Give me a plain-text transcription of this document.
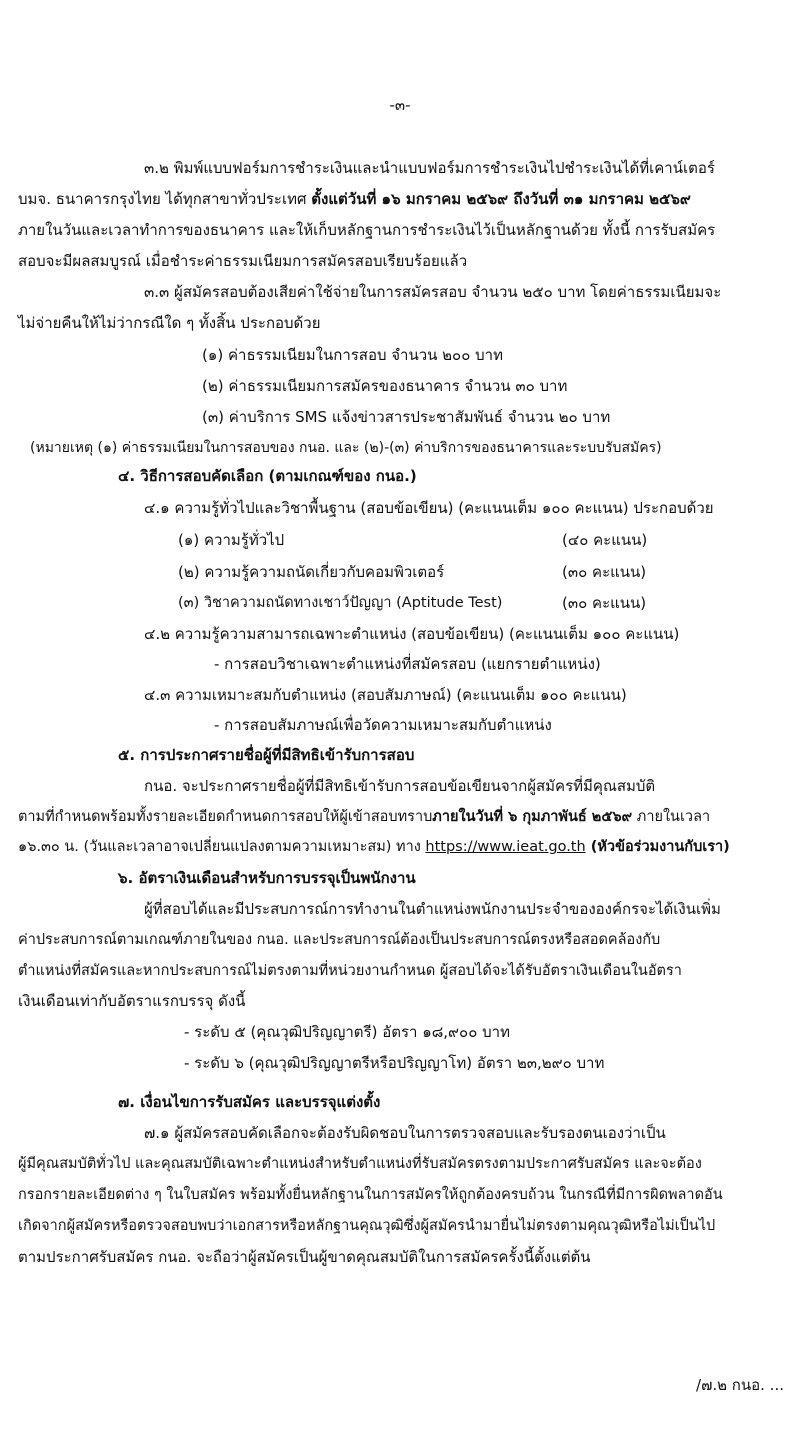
-๓-
๓.๒ พิมพ์แบบฟอร์มการชำระเงินและนำแบบฟอร์มการชำระเงินไปชำระเงินได้ที่เคาน์เตอร์
บมจ. ธนาคารกรุงไทย ได้ทุกสาขาทั่วประเทศ ตั้งแต่วันที่ ๑๖ มกราคม ๒๕๖๙ ถึงวันที่ ๓๑ มกราคม ๒๕๖๙
ภายในวันและเวลาทำการของธนาคาร และให้เก็บหลักฐานการชำระเงินไว้เป็นหลักฐานด้วย ทั้งนี้ การรับสมัคร
สอบจะมีผลสมบูรณ์ เมื่อชำระค่าธรรมเนียมการสมัครสอบเรียบร้อยแล้ว
๓.๓ ผู้สมัครสอบต้องเสียค่าใช้จ่ายในการสมัครสอบ จำนวน ๒๕๐ บาท โดยค่าธรรมเนียมจะ
ไม่จ่ายคืนให้ไม่ว่ากรณีใด ๆ ทั้งสิ้น ประกอบด้วย
(๑) ค่าธรรมเนียมในการสอบ จำนวน ๒๐๐ บาท
(๒) ค่าธรรมเนียมการสมัครของธนาคาร จำนวน ๓๐ บาท
(๓) ค่าบริการ SMS แจ้งข่าวสารประชาสัมพันธ์ จำนวน ๒๐ บาท
(หมายเหตุ (๑) ค่าธรรมเนียมในการสอบของ กนอ. และ (๒)-(๓) ค่าบริการของธนาคารและระบบรับสมัคร)
๔. วิธีการสอบคัดเลือก (ตามเกณฑ์ของ กนอ.)
๔.๑ ความรู้ทั่วไปและวิชาพื้นฐาน (สอบข้อเขียน) (คะแนนเต็ม ๑๐๐ คะแนน) ประกอบด้วย
(๑) ความรู้ทั่วไป	(๔๐ คะแนน)
(๒) ความรู้ความถนัดเกี่ยวกับคอมพิวเตอร์	(๓๐ คะแนน)
(๓) วิชาความถนัดทางเชาว์ปัญญา (Aptitude Test)	(๓๐ คะแนน)
๔.๒ ความรู้ความสามารถเฉพาะตำแหน่ง (สอบข้อเขียน) (คะแนนเต็ม ๑๐๐ คะแนน)
- การสอบวิชาเฉพาะตำแหน่งที่สมัครสอบ (แยกรายตำแหน่ง)
๔.๓ ความเหมาะสมกับตำแหน่ง (สอบสัมภาษณ์) (คะแนนเต็ม ๑๐๐ คะแนน)
- การสอบสัมภาษณ์เพื่อวัดความเหมาะสมกับตำแหน่ง
๕. การประกาศรายชื่อผู้ที่มีสิทธิเข้ารับการสอบ
กนอ. จะประกาศรายชื่อผู้ที่มีสิทธิเข้ารับการสอบข้อเขียนจากผู้สมัครที่มีคุณสมบัติ
ตามที่กำหนดพร้อมทั้งรายละเอียดกำหนดการสอบให้ผู้เข้าสอบทราบภายในวันที่ ๖ กุมภาพันธ์ ๒๕๖๙ ภายในเวลา
๑๖.๓๐ น. (วันและเวลาอาจเปลี่ยนแปลงตามความเหมาะสม) ทาง https://www.ieat.go.th (หัวข้อร่วมงานกับเรา)
๖. อัตราเงินเดือนสำหรับการบรรจุเป็นพนักงาน
ผู้ที่สอบได้และมีประสบการณ์การทำงานในตำแหน่งพนักงานประจำขององค์กรจะได้เงินเพิ่ม
ค่าประสบการณ์ตามเกณฑ์ภายในของ กนอ. และประสบการณ์ต้องเป็นประสบการณ์ตรงหรือสอดคล้องกับ
ตำแหน่งที่สมัครและหากประสบการณ์ไม่ตรงตามที่หน่วยงานกำหนด ผู้สอบได้จะได้รับอัตราเงินเดือนในอัตรา
เงินเดือนเท่ากับอัตราแรกบรรจุ ดังนี้
- ระดับ ๕ (คุณวุฒิปริญญาตรี) อัตรา ๑๘,๙๐๐ บาท
- ระดับ ๖ (คุณวุฒิปริญญาตรีหรือปริญญาโท) อัตรา ๒๓,๒๙๐ บาท
๗. เงื่อนไขการรับสมัคร และบรรจุแต่งตั้ง
๗.๑ ผู้สมัครสอบคัดเลือกจะต้องรับผิดชอบในการตรวจสอบและรับรองตนเองว่าเป็น
ผู้มีคุณสมบัติทั่วไป และคุณสมบัติเฉพาะตำแหน่งสำหรับตำแหน่งที่รับสมัครตรงตามประกาศรับสมัคร และจะต้อง
กรอกรายละเอียดต่าง ๆ ในใบสมัคร พร้อมทั้งยื่นหลักฐานในการสมัครให้ถูกต้องครบถ้วน ในกรณีที่มีการผิดพลาดอัน
เกิดจากผู้สมัครหรือตรวจสอบพบว่าเอกสารหรือหลักฐานคุณวุฒิซึ่งผู้สมัครนำมายื่นไม่ตรงตามคุณวุฒิหรือไม่เป็นไป
ตามประกาศรับสมัคร กนอ. จะถือว่าผู้สมัครเป็นผู้ขาดคุณสมบัติในการสมัครครั้งนี้ตั้งแต่ต้น
/๗.๒ กนอ. ...
